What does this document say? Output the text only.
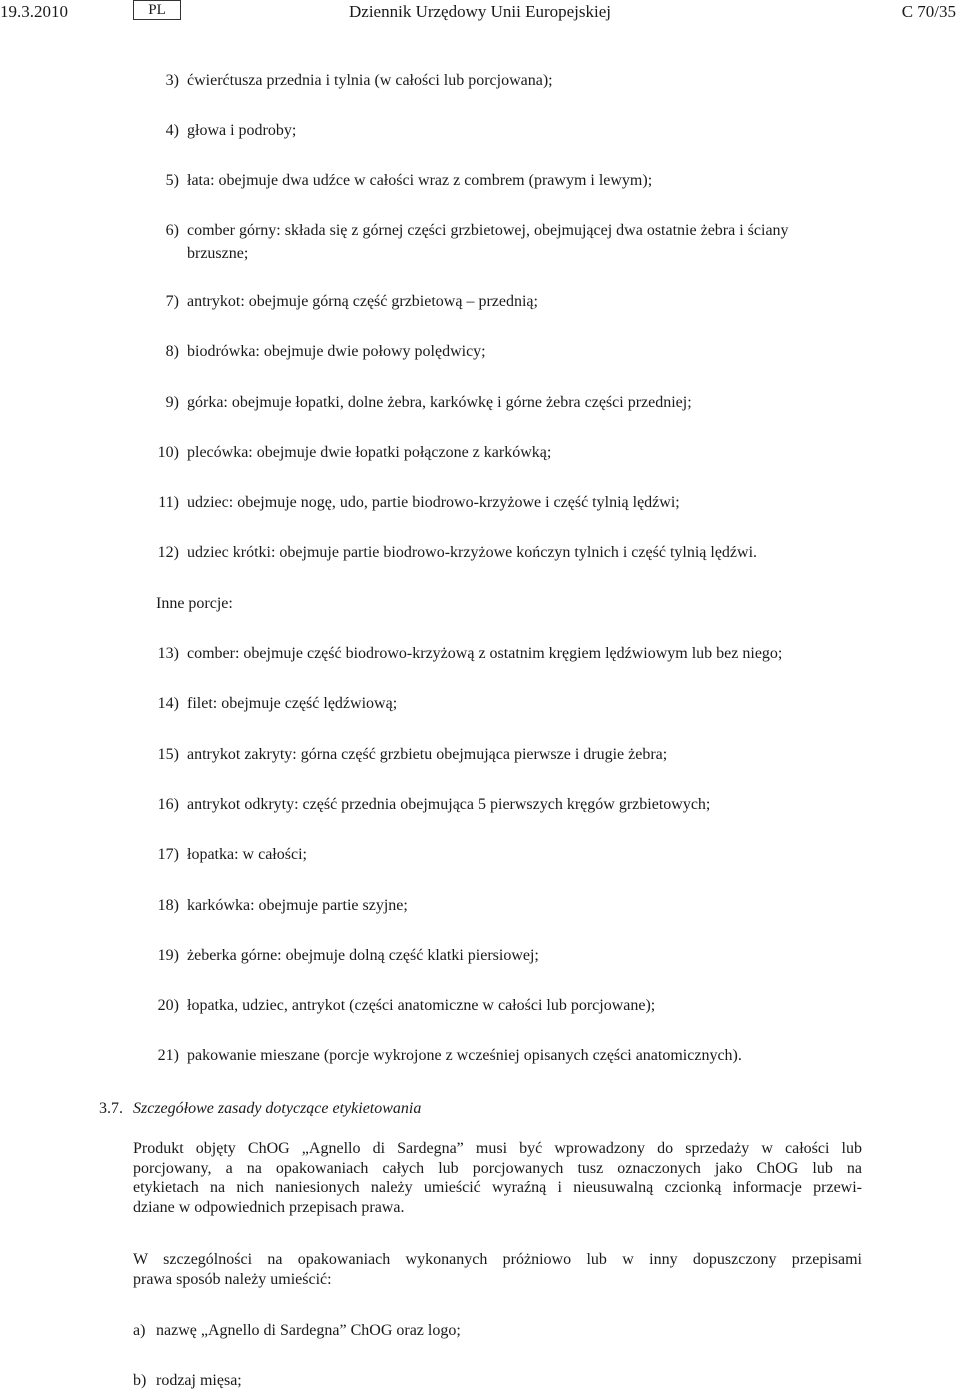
19.3.2010	PL	Dziennik Urzędowy Unii Europejskiej	C 70/35
3) ćwierćtusza przednia i tylnia (w całości lub porcjowana);
4) głowa i podroby;
5) łata: obejmuje dwa udźce w całości wraz z combrem (prawym i lewym);
6) comber górny: składa się z górnej części grzbietowej, obejmującej dwa ostatnie żebra i ściany
brzuszne;
7) antrykot: obejmuje górną część grzbietową – przednią;
8) biodrówka: obejmuje dwie połowy polędwicy;
9) górka: obejmuje łopatki, dolne żebra, karkówkę i górne żebra części przedniej;
10) plecówka: obejmuje dwie łopatki połączone z karkówką;
11) udziec: obejmuje nogę, udo, partie biodrowo-krzyżowe i część tylnią lędźwi;
12) udziec krótki: obejmuje partie biodrowo-krzyżowe kończyn tylnich i część tylnią lędźwi.
Inne porcje:
13) comber: obejmuje część biodrowo-krzyżową z ostatnim kręgiem lędźwiowym lub bez niego;
14) filet: obejmuje część lędźwiową;
15) antrykot zakryty: górna część grzbietu obejmująca pierwsze i drugie żebra;
16) antrykot odkryty: część przednia obejmująca 5 pierwszych kręgów grzbietowych;
17) łopatka: w całości;
18) karkówka: obejmuje partie szyjne;
19) żeberka górne: obejmuje dolną część klatki piersiowej;
20) łopatka, udziec, antrykot (części anatomiczne w całości lub porcjowane);
21) pakowanie mieszane (porcje wykrojone z wcześniej opisanych części anatomicznych).
3.7. Szczegółowe zasady dotyczące etykietowania
Produkt objęty ChOG „Agnello di Sardegna” musi być wprowadzony do sprzedaży w całości lub
porcjowany, a na opakowaniach całych lub porcjowanych tusz oznaczonych jako ChOG lub na
etykietach na nich naniesionych należy umieścić wyraźną i nieusuwalną czcionką informacje przewi-
dziane w odpowiednich przepisach prawa.
W szczególności na opakowaniach wykonanych próżniowo lub w inny dopuszczony przepisami
prawa sposób należy umieścić:
a) nazwę „Agnello di Sardegna” ChOG oraz logo;
b) rodzaj mięsa;
